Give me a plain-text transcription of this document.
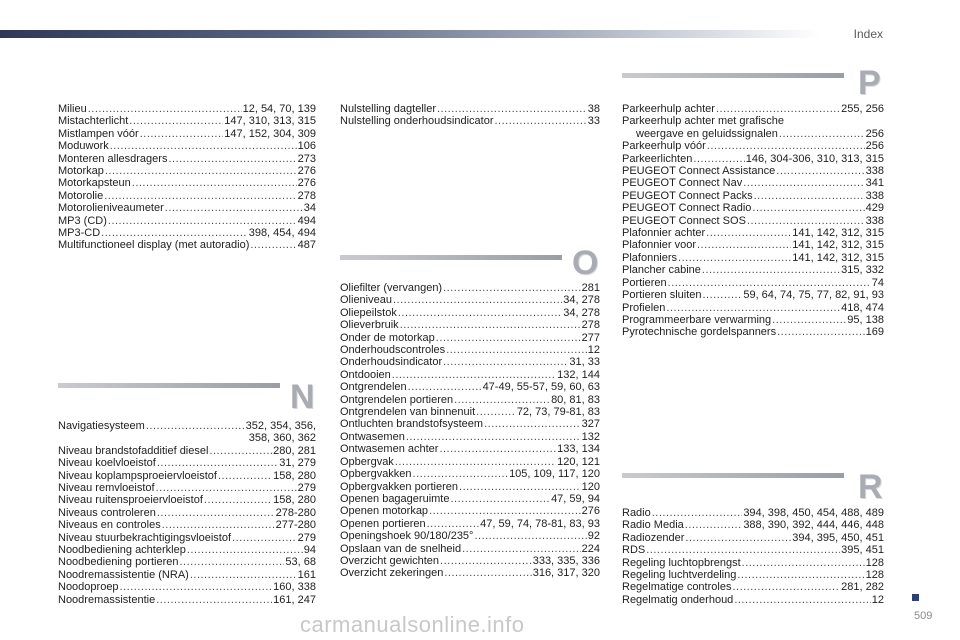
Index
Milieu .....	12, 54, 70, 139
Mistachterlicht .....	147, 310, 313, 315
Mistlampen vóór .....	147, 152, 304, 309
Moduwork .....	106
Monteren allesdragers .....	273
Motorkap .....	276
Motorkapsteun .....	276
Motorolie .....	278
Motorolieniveaumeter .....	34
MP3 (CD) .....	494
MP3-CD .....	398, 454, 494
Multifunctioneel display (met autoradio) .....	487
N
Navigatiesysteem .....	352, 354, 356,
358, 360, 362
Niveau brandstofadditief diesel .....	280, 281
Niveau koelvloeistof .....	31, 279
Niveau koplampsproeiervloeistof .....	158, 280
Niveau remvloeistof .....	279
Niveau ruitensproeiervloeistof .....	158, 280
Niveaus controleren .....	278-280
Niveaus en controles .....	277-280
Niveau stuurbekrachtigingsvloeistof .....	279
Noodbediening achterklep .....	94
Noodbediening portieren .....	53, 68
Noodremassistentie (NRA) .....	161
Noodoproep .....	160, 338
Noodremassistentie .....	161, 247
Nulstelling dagteller .....	38
Nulstelling onderhoudsindicator .....	33
O
Oliefilter (vervangen) .....	281
Olieniveau .....	34, 278
Oliepeilstok .....	34, 278
Olieverbruik .....	278
Onder de motorkap .....	277
Onderhoudscontroles .....	12
Onderhoudsindicator .....	31, 33
Ontdooien .....	132, 144
Ontgrendelen .....	47-49, 55-57, 59, 60, 63
Ontgrendelen portieren .....	80, 81, 83
Ontgrendelen van binnenuit .....	72, 73, 79-81, 83
Ontluchten brandstofsysteem .....	327
Ontwasemen .....	132
Ontwasemen achter .....	133, 134
Opbergvak .....	120, 121
Opbergvakken .....	105, 109, 117, 120
Opbergvakken portieren .....	120
Openen bagageruimte .....	47, 59, 94
Openen motorkap .....	276
Openen portieren .....	47, 59, 74, 78-81, 83, 93
Openingshoek 90/180/235° .....	92
Opslaan van de snelheid .....	224
Overzicht gewichten .....	333, 335, 336
Overzicht zekeringen .....	316, 317, 320
P
Parkeerhulp achter .....	255, 256
Parkeerhulp achter met grafische
weergave en geluidssignalen .....	256
Parkeerhulp vóór .....	256
Parkeerlichten .....	146, 304-306, 310, 313, 315
PEUGEOT Connect Assistance .....	338
PEUGEOT Connect Nav .....	341
PEUGEOT Connect Packs .....	338
PEUGEOT Connect Radio .....	429
PEUGEOT Connect SOS .....	338
Plafonnier achter .....	141, 142, 312, 315
Plafonnier voor .....	141, 142, 312, 315
Plafonniers .....	141, 142, 312, 315
Plancher cabine .....	315, 332
Portieren .....	74
Portieren sluiten .....	59, 64, 74, 75, 77, 82, 91, 93
Profielen .....	418, 474
Programmeerbare verwarming .....	95, 138
Pyrotechnische gordelspanners .....	169
R
Radio .....	394, 398, 450, 454, 488, 489
Radio Media .....	388, 390, 392, 444, 446, 448
Radiozender .....	394, 395, 450, 451
RDS .....	395, 451
Regeling luchtopbrengst .....	128
Regeling luchtverdeling .....	128
Regelmatige controles .....	281, 282
Regelmatig onderhoud .....	12
509
carmanualsonline.info
